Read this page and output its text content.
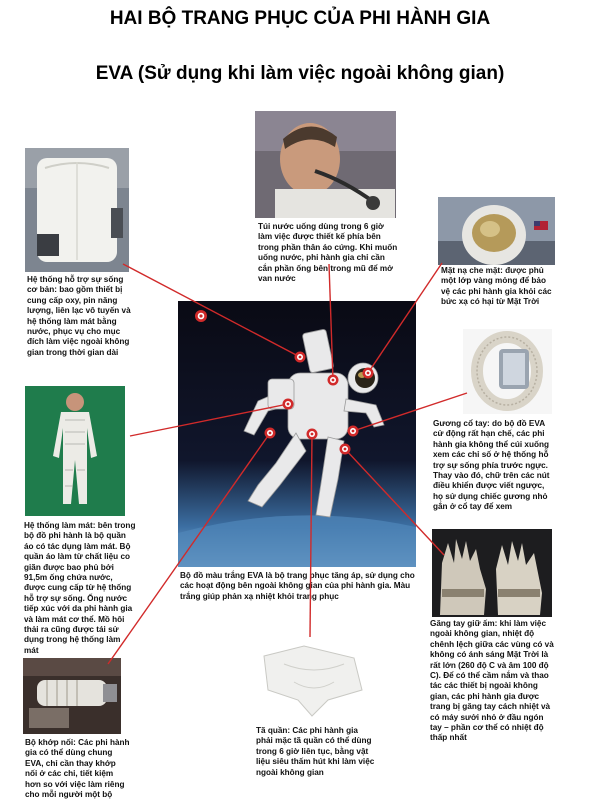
HAI BỘ TRANG PHỤC CỦA PHI HÀNH GIA
EVA (Sử dụng khi làm việc ngoài không gian)
Hệ thống hỗ trợ sự sống cơ bản: bao gồm thiết bị cung cấp oxy, pin năng lượng, liên lạc vô tuyến và hệ thống làm mát bằng nước, phục vụ cho mục đích làm việc ngoài không gian trong thời gian dài
Túi nước uống dùng trong 6 giờ làm việc được thiết kế phía bên trong phần thân áo cứng. Khi muốn uống nước, phi hành gia chỉ cần cắn phần ống bên trong mũ để mở van nước
Mặt nạ che mặt: được phủ một lớp vàng mỏng để bảo vệ các phi hành gia khỏi các bức xạ có hại từ Mặt Trời
Gương cổ tay: do bộ đồ EVA cử động rất hạn chế, các phi hành gia không thể cúi xuống xem các chỉ số ở hệ thống hỗ trợ sự sống phía trước ngực. Thay vào đó, chữ trên các nút điều khiển được viết ngược, họ sử dụng chiếc gương nhỏ gắn ở cổ tay để xem
Hệ thống làm mát: bên trong bộ đồ phi hành là bộ quần áo có tác dụng làm mát. Bộ quần áo làm từ chất liệu co giãn được bao phủ bởi 91,5m ống chứa nước, được cung cấp từ hệ thống hỗ trợ sự sống. Ống nước tiếp xúc với da phi hành gia và làm mát cơ thể. Mồ hôi thải ra cũng được tái sử dụng trong hệ thống làm mát
Bộ đồ màu trắng EVA là bộ trang phục tăng áp, sử dụng cho các hoạt động bên ngoài không gian của phi hành gia. Màu trắng giúp phản xạ nhiệt khỏi trang phục
Găng tay giữ ấm: khi làm việc ngoài không gian, nhiệt độ chênh lệch giữa các vùng có và không có ánh sáng Mặt Trời là rất lớn (260 độ C và âm 100 độ C). Để có thể cầm nắm và thao tác các thiết bị ngoài không gian, các phi hành gia được trang bị găng tay cách nhiệt và có máy sưởi nhỏ ở đầu ngón tay – phần cơ thể có nhiệt độ thấp nhất
Bộ khớp nối: Các phi hành gia có thể dùng chung EVA, chỉ cần thay khớp nối ở các chi, tiết kiệm hơn so với việc làm riêng cho mỗi người một bộ
Tã quần: Các phi hành gia phải mặc tã quần có thể dùng trong 6 giờ liên tục, bằng vật liệu siêu thấm hút khi làm việc ngoài không gian
